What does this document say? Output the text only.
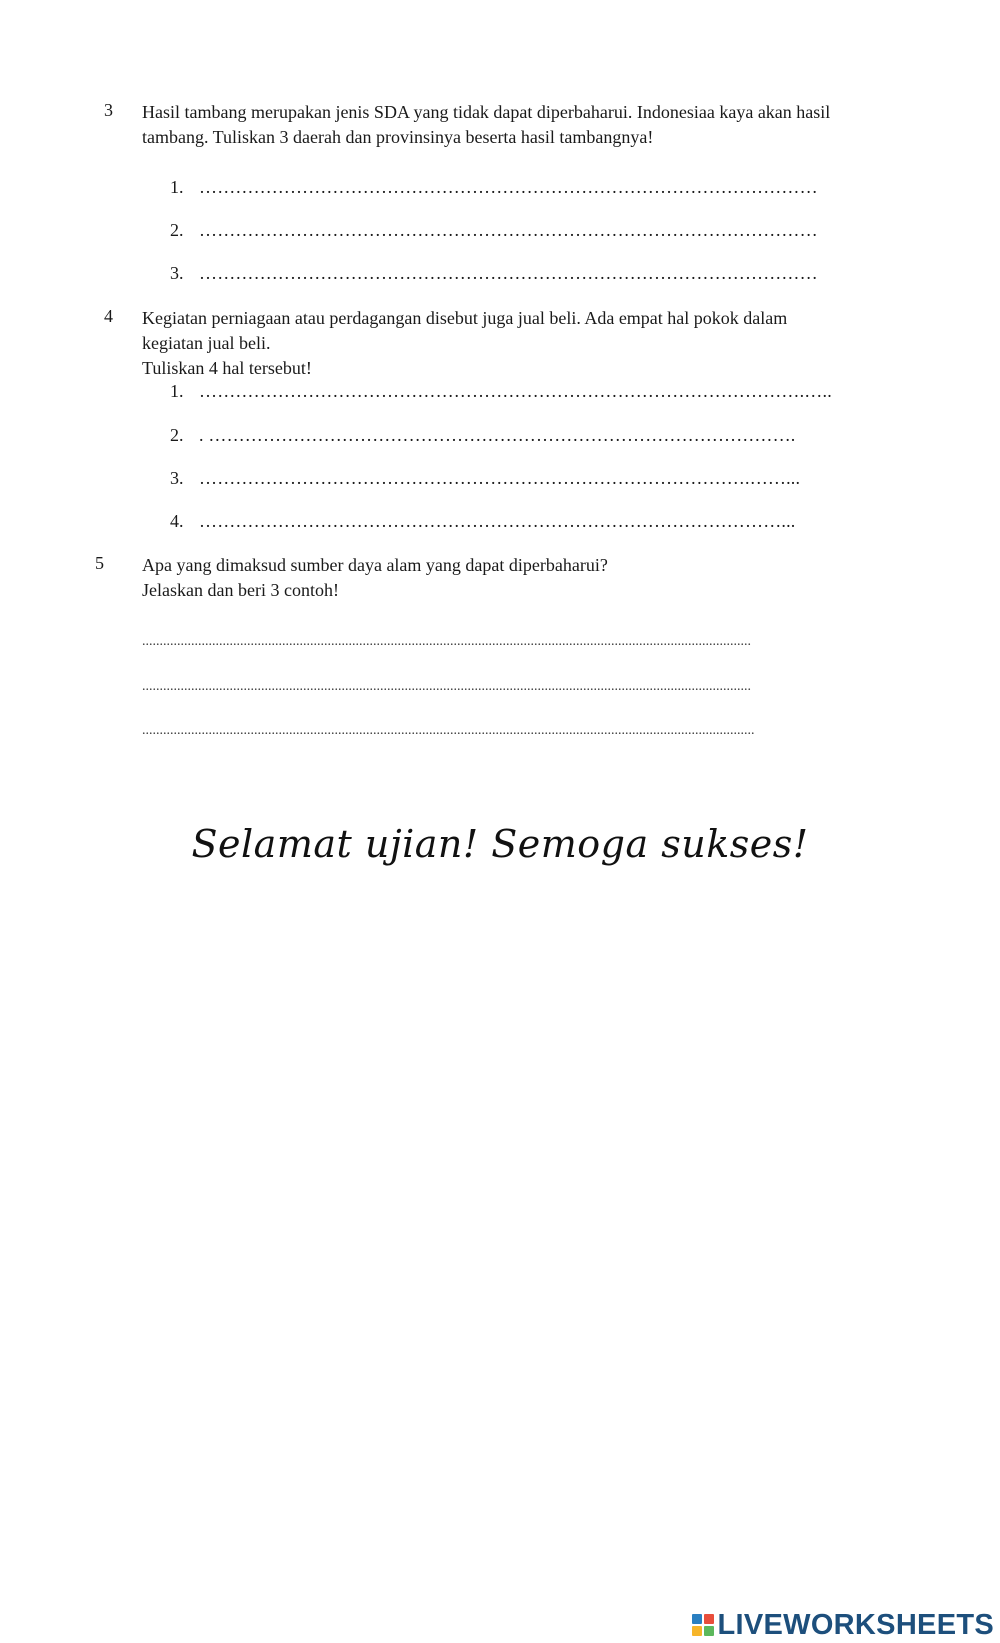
3 Hasil tambang merupakan jenis SDA yang tidak dapat diperbaharui. Indonesiaa kaya akan hasil
tambang. Tuliskan 3 daerah dan provinsinya beserta hasil tambangnya!
1. …………………………………………………………………………………………
2. …………………………………………………………………………………………
3. …………………………………………………………………………………………
4 Kegiatan perniagaan atau perdagangan disebut juga jual beli. Ada empat hal pokok dalam
kegiatan jual beli.
Tuliskan 4 hal tersebut!
1. ……………………………………………………………………………………….…..
2. . …………………………………………………………………………………….
3. ……………………………………………………………………………….……...
4. ……………………………………………………………………………………...
5 Apa yang dimaksud sumber daya alam yang dapat diperbaharui?
Jelaskan dan beri 3 contoh!
..............................................................................................................................................................................
..............................................................................................................................................................................
...............................................................................................................................................................................
Selamat ujian! Semoga sukses!
LIVEWORKSHEETS
